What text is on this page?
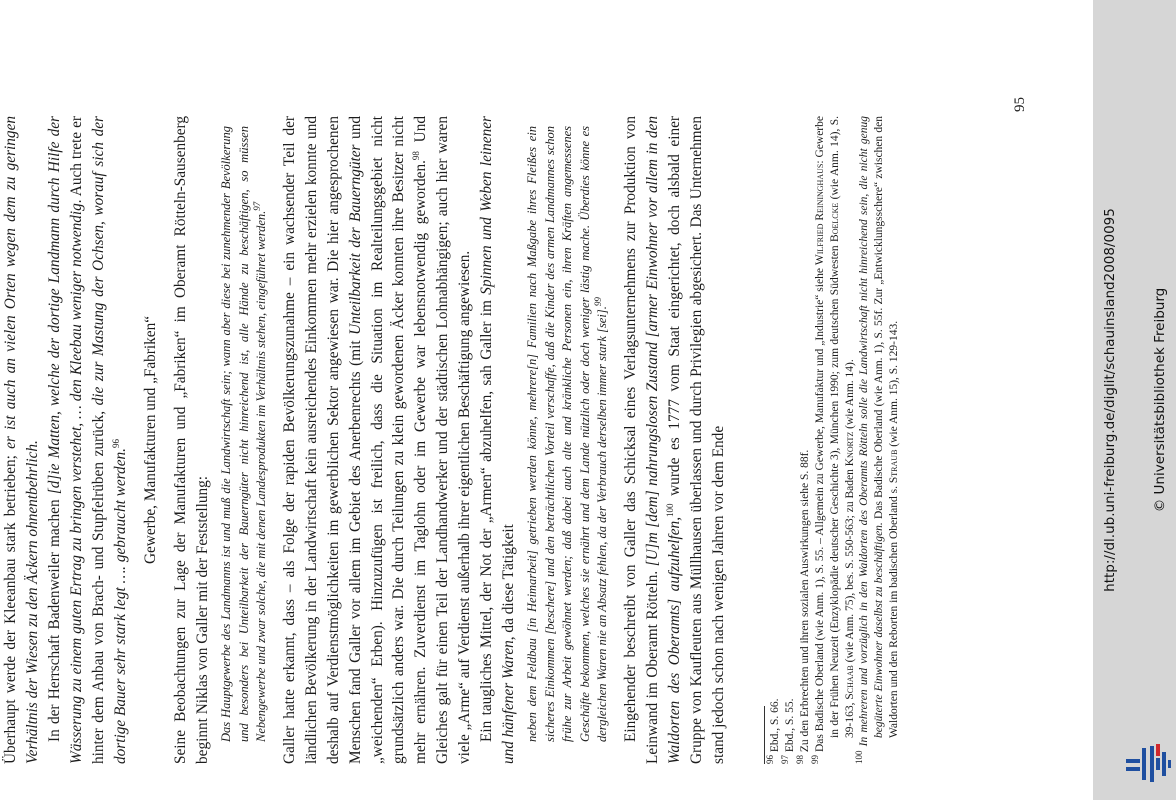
Überhaupt werde der Kleeanbau stark betrieben; er ist auch an vielen Orten wegen dem zu geringen Verhältnis der Wiesen zu den Äckern ohnentbehrlich. In der Herrschaft Badenweiler machen [d]ie Matten, welche der dortige Landmann durch Hilfe der Wässerung zu einem guten Ertrag zu bringen verstehet, … den Kleebau weniger notwendig. Auch trete er hinter dem Anbau von Brach- und Stupfelrüben zurück, die zur Mastung der Ochsen, worauf sich der dortige Bauer sehr stark legt …. gebraucht werden.$^{96}$	Gewerbe, Manufakturen und „Fabriken“ Seine Beobachtungen zur Lage der Manufakturen und „Fabriken“ im Oberamt Rötteln-Sausenberg beginnt Niklas von Galler mit der Feststellung: Das Hauptgewerbe des Landmanns ist und muß die Landwirtschaft sein; wann aber diese bei zunehmender Bevölkerung und besonders bei Unteilbarkeit der Bauerngüter nicht hinreichend ist, alle Hände zu beschäftigen, so müssen Nebengewerbe und zwar solche, die mit denen Landesprodukten im Verhältnis stehen, eingeführet werden.$^{97}$	Galler hatte erkannt, dass – als Folge der rapiden Bevölkerungszunahme – ein wachsender Teil der ländlichen Bevölkerung in der Landwirtschaft kein ausreichendes Einkommen mehr erzielen konnte und deshalb auf Verdienstmöglichkeiten im gewerblichen Sektor angewiesen war. Die hier angesprochenen Menschen fand Galler vor allem im Gebiet des Anerbenrechts (mit Unteilbarkeit der Bauerngüter und „weichenden“ Erben). Hinzuzufügen ist freilich, dass die Situation im Realteilungsgebiet nicht grundsätzlich anders war. Die durch Teilungen zu klein gewordenen Äcker konnten ihre Besitzer nicht mehr ernähren. Zuverdienst im Taglohn oder im Gewerbe war lebensnotwendig geworden.$^{98}$ Und Gleiches galt für einen Teil der Landhandwerker und der städtischen Lohnabhängigen; auch hier waren viele „Arme“ auf Verdienst außerhalb ihrer eigentlichen Beschäftigung angewiesen. Ein taugliches Mittel, der Not der „Armen“ abzuhelfen, sah Galler im Spinnen und Weben leinener und hänfener Waren, da diese Tätigkeit neben dem Feldbau [in Heimarbeit] getrieben werden könne, mehrere[n] Familien nach Maßgabe ihres Fleißes ein sicheres Einkommen [beschere] und den beträchtlichen Vorteil verschaffe, daß die Kinder des armen Landmannes schon frühe zur Arbeit gewöhnet werden; daß dabei auch alte und kränkliche Personen ein, ihren Kräften angemessenes Geschäfte bekommen, welches sie ernährt und dem Lande nützlich oder doch weniger lästig mache. Überdies könne es dergleichen Waren nie an Absatz fehlen, da der Verbrauch derselben immer stark [sei].$^{99}$	Eingehender beschreibt von Galler das Schicksal eines Verlagsunternehmens zur Produktion von Leinwand im Oberamt Rötteln. [U]m [dem] nahrungslosen Zustand [armer Einwohner vor allem in den Waldorten des Oberamts] aufzuhelfen,$^{100}$ wurde es 1777 vom Staat eingerichtet, doch alsbald einer Gruppe von Kaufleuten aus Müllhausen überlassen und durch Privilegien abgesichert. Das Unternehmen stand jedoch schon nach wenigen Jahren vor dem Ende	$^{96}$ Ebd., S. 66.

$^{97}$ Ebd., S. 55.

$^{98}$ Zu den Erbrechten und ihren sozialen Auswirkungen siehe S. 88f.

$^{99}$ Das Badische Oberland (wie Anm. 1), S. 55. – Allgemein zu Gewerbe, Manufaktur und „Industrie“ siehe Wilfried Reininghaus: Gewerbe in der Frühen Neuzeit (Enzyklopädie deutscher Geschichte 3), München 1990; zum deutschen Südwesten Boelcke (wie Anm. 14), S. 39-163, Schaab (wie Anm. 75), bes. S. 550-563; zu Baden Knortz (wie Anm. 14).

$^{100}$ In mehreren und vorzüglich in den Waldorten des Oberamts Rötteln solle die Landwirtschaft nicht hinreichend sein, die nicht genug begüterte Einwohner daselbst zu beschäftigen. Das Badische Oberland (wie Anm. 1), S. 55f. Zur „Entwicklungsschere“ zwischen den Waldorten und den Reborten im badischen Oberland s. Straub (wie Anm. 15), S. 129-143.

95
http://dl.ub.uni-freiburg.de/diglit/schauinsland2008/0095	© Universitätsbibliothek Freiburg
